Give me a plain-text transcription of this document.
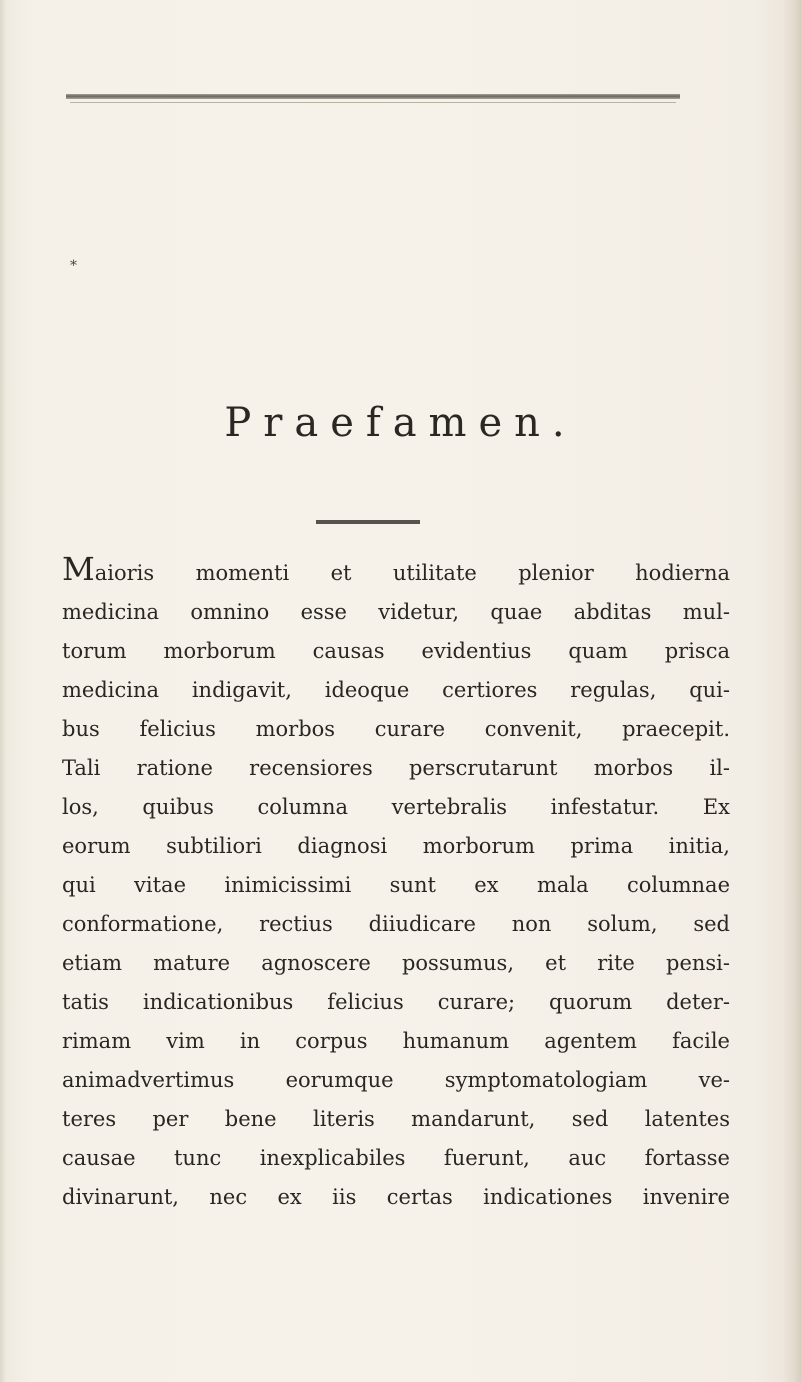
*
Praefamen.
Maioris momenti et utilitate plenior hodierna
medicina omnino esse videtur, quae abditas mul-
torum morborum causas evidentius quam prisca
medicina indigavit, ideoque certiores regulas, qui-
bus felicius morbos curare convenit, praecepit.
Tali ratione recensiores perscrutarunt morbos il-
los, quibus columna vertebralis infestatur. Ex
eorum subtiliori diagnosi morborum prima initia,
qui vitae inimicissimi sunt ex mala columnae
conformatione, rectius diiudicare non solum, sed
etiam mature agnoscere possumus, et rite pensi-
tatis indicationibus felicius curare; quorum deter-
rimam vim in corpus humanum agentem facile
animadvertimus eorumque symptomatologiam ve-
teres per bene literis mandarunt, sed latentes
causae tunc inexplicabiles fuerunt, auc fortasse
divinarunt, nec ex iis certas indicationes invenire
